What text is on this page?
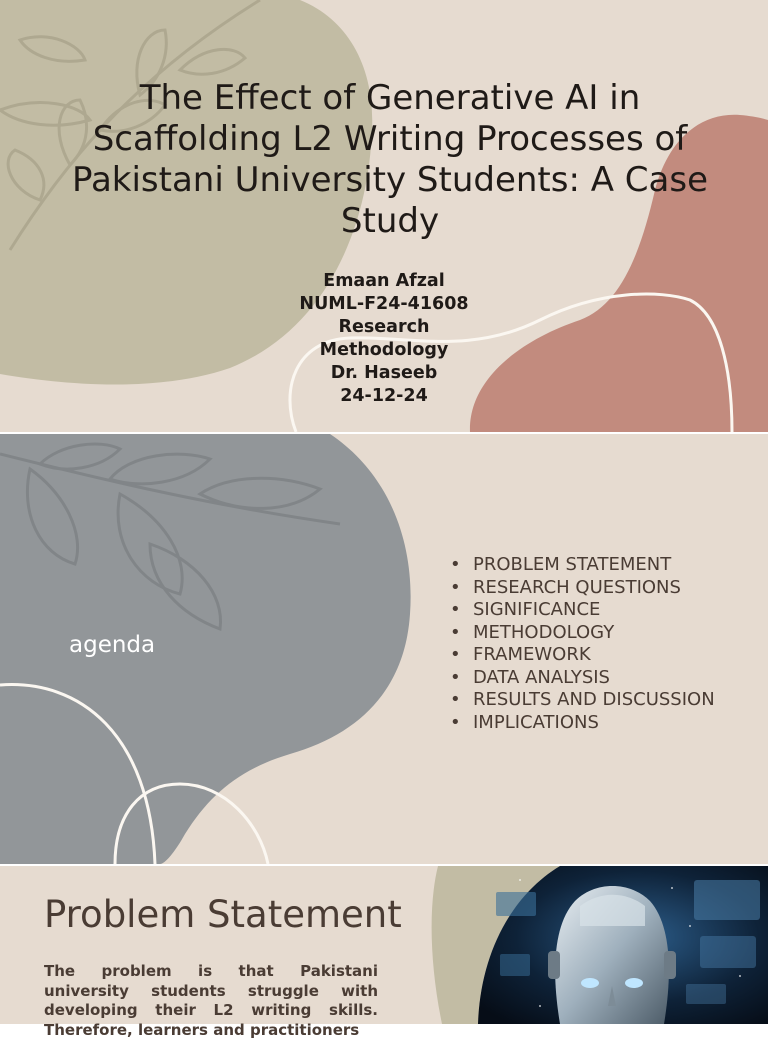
The Effect of Generative AI in Scaffolding L2 Writing Processes of Pakistani University Students: A Case Study
Emaan Afzal
NUML-F24-41608
Research
Methodology
Dr. Haseeb
24-12-24
agenda
• PROBLEM STATEMENT
• RESEARCH QUESTIONS
• SIGNIFICANCE
• METHODOLOGY
• FRAMEWORK
• DATA ANALYSIS
• RESULTS AND DISCUSSION
• IMPLICATIONS
Problem Statement

The problem is that Pakistani university students struggle with developing their L2 writing skills. Therefore, learners and practitioners
